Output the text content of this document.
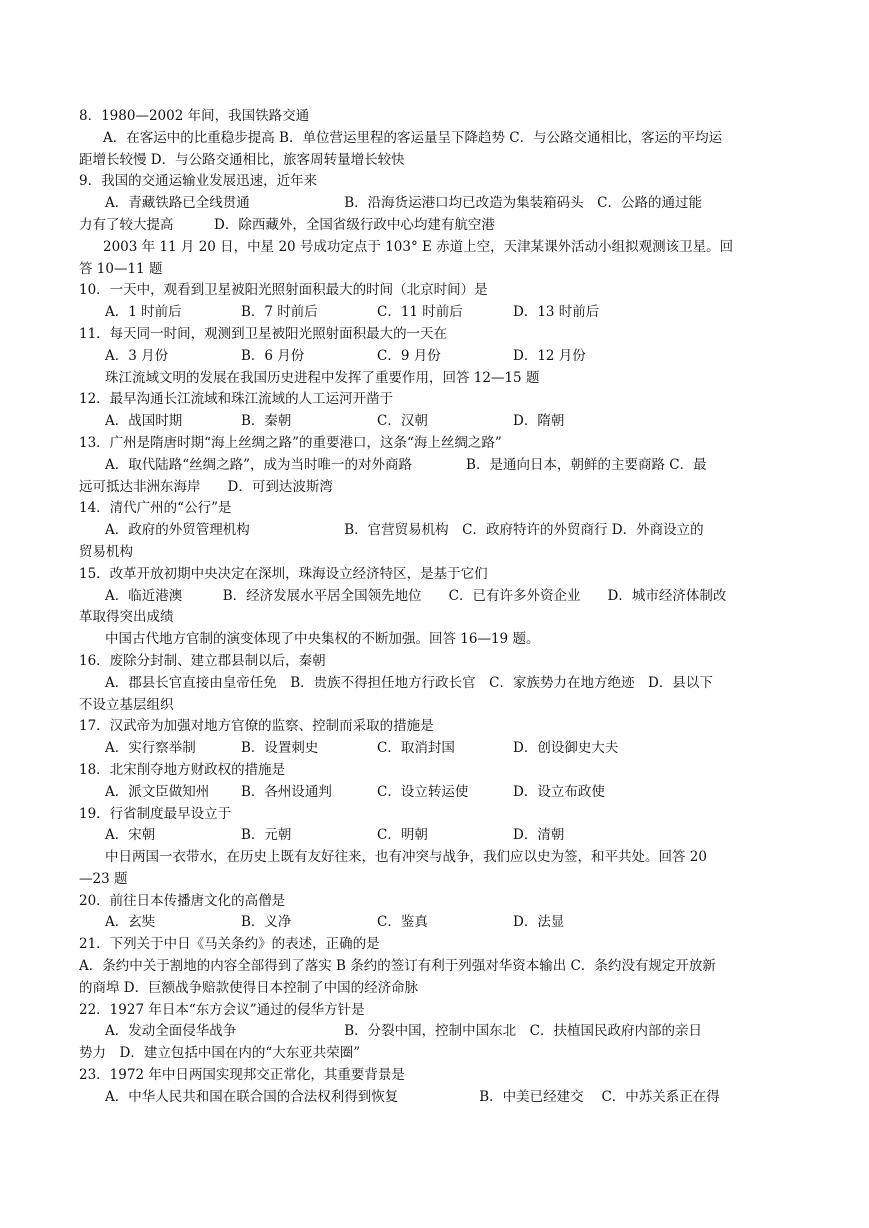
8．1980—2002 年间，我国铁路交通
A．在客运中的比重稳步提高 B．单位营运里程的客运量呈下降趋势 C．与公路交通相比，客运的平均运
距增长较慢 D．与公路交通相比，旅客周转量增长较快
9．我国的交通运输业发展迅速，近年来
A．青藏铁路已全线贯通　　　　　　　B．沿海货运港口均已改造为集装箱码头　C．公路的通过能
力有了较大提高　　　D．除西藏外，全国省级行政中心均建有航空港
2003 年 11 月 20 日，中星 20 号成功定点于 103° E 赤道上空，天津某课外活动小组拟观测该卫星。回
答 10—11 题
10．一天中，观看到卫星被阳光照射面积最大的时间（北京时间）是
A．1 时前后	B．7 时前后	C．11 时前后	D．13 时前后
11．每天同一时间，观测到卫星被阳光照射面积最大的一天在
A．3 月份	B．6 月份	C．9 月份	D．12 月份
珠江流域文明的发展在我国历史进程中发挥了重要作用，回答 12—15 题
12．最早沟通长江流域和珠江流域的人工运河开凿于
A．战国时期	B．秦朝	C．汉朝	D．隋朝
13．广州是隋唐时期“海上丝绸之路”的重要港口，这条“海上丝绸之路”
A．取代陆路“丝绸之路”，成为当时唯一的对外商路　　　　B．是通向日本，朝鲜的主要商路 C．最
远可抵达非洲东海岸　　D．可到达波斯湾
14．清代广州的“公行”是
A．政府的外贸管理机构　　　　　　　B．官营贸易机构　C．政府特许的外贸商行 D．外商设立的
贸易机构
15．改革开放初期中央决定在深圳，珠海设立经济特区，是基于它们
A．临近港澳　　　B．经济发展水平居全国领先地位　　C．已有许多外资企业　　D．城市经济体制改
革取得突出成绩
中国古代地方官制的演变体现了中央集权的不断加强。回答 16—19 题。
16．废除分封制、建立郡县制以后，秦朝
A．郡县长官直接由皇帝任免　B．贵族不得担任地方行政长官　C．家族势力在地方绝迹　D．县以下
不设立基层组织
17．汉武帝为加强对地方官僚的监察、控制而采取的措施是
A．实行察举制	B．设置刺史	C．取消封国	D．创设御史大夫
18．北宋削夺地方财政权的措施是
A．派文臣做知州	B．各州设通判	C．设立转运使	D．设立布政使
19．行省制度最早设立于
A．宋朝	B．元朝	C．明朝	D．清朝
中日两国一衣带水，在历史上既有友好往来，也有冲突与战争，我们应以史为签，和平共处。回答 20
—23 题
20．前往日本传播唐文化的高僧是
A．玄奘	B．义净	C．鉴真	D．法显
21．下列关于中日《马关条约》的表述，正确的是
A．条约中关于割地的内容全部得到了落实 B 条约的签订有利于列强对华资本输出 C．条约没有规定开放新
的商埠 D．巨额战争赔款使得日本控制了中国的经济命脉
22．1927 年日本“东方会议”通过的侵华方针是
A．发动全面侵华战争　　　　　　　　B．分裂中国，控制中国东北　C．扶植国民政府内部的亲日
势力　D．建立包括中国在内的“大东亚共荣圈”
23．1972 年中日两国实现邦交正常化，其重要背景是
A．中华人民共和国在联合国的合法权利得到恢复　　　　　　B．中美已经建交　 C．中苏关系正在得
